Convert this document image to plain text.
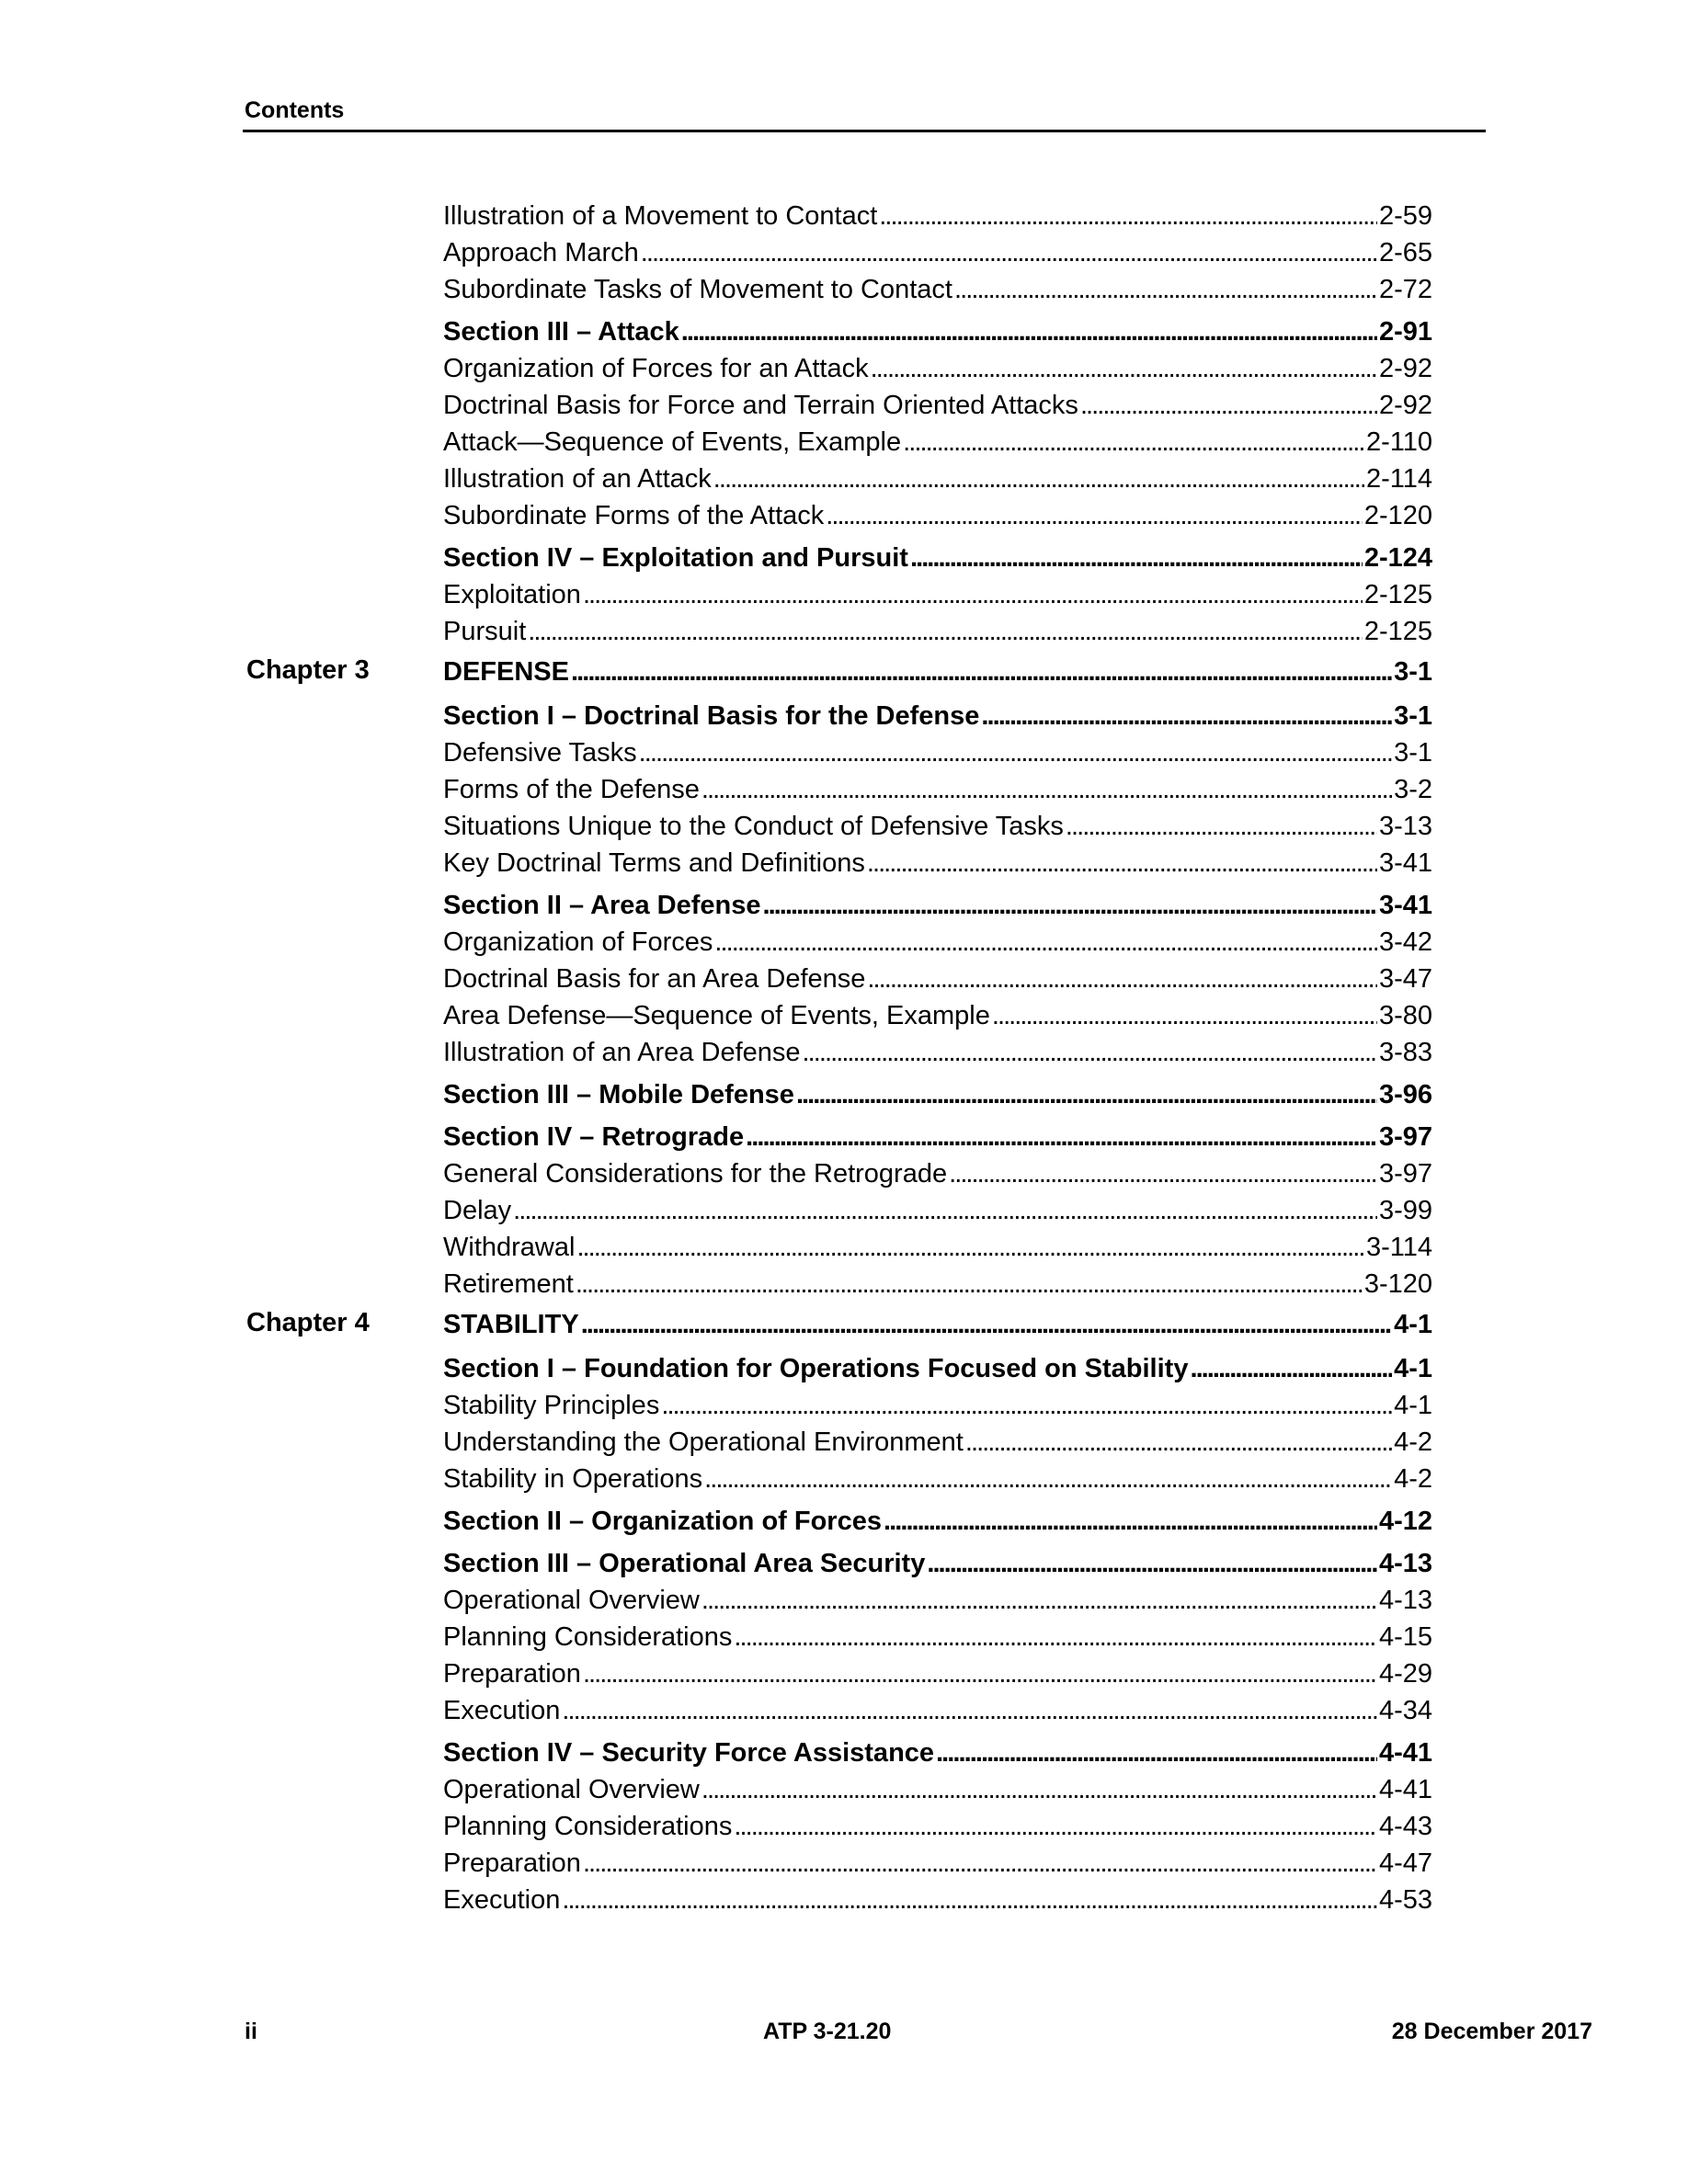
Contents
Illustration of a Movement to Contact . . .	2-59
Approach March . . .	2-65
Subordinate Tasks of Movement to Contact . . .	2-72
Section III – Attack . . .	2-91
Organization of Forces for an Attack . . .	2-92
Doctrinal Basis for Force and Terrain Oriented Attacks . . .	2-92
Attack—Sequence of Events, Example . . .	2-110
Illustration of an Attack . . .	2-114
Subordinate Forms of the Attack . . .	2-120
Section IV – Exploitation and Pursuit . . .	2-124
Exploitation . . .	2-125
Pursuit . . .	2-125
Chapter 3	DEFENSE . . .	3-1
Section I – Doctrinal Basis for the Defense . . .	3-1
Defensive Tasks . . .	3-1
Forms of the Defense . . .	3-2
Situations Unique to the Conduct of Defensive Tasks . . .	3-13
Key Doctrinal Terms and Definitions . . .	3-41
Section II – Area Defense . . .	3-41
Organization of Forces . . .	3-42
Doctrinal Basis for an Area Defense . . .	3-47
Area Defense—Sequence of Events, Example . . .	3-80
Illustration of an Area Defense . . .	3-83
Section III – Mobile Defense . . .	3-96
Section IV – Retrograde . . .	3-97
General Considerations for the Retrograde . . .	3-97
Delay . . .	3-99
Withdrawal . . .	3-114
Retirement . . .	3-120
Chapter 4	STABILITY . . .	4-1
Section I – Foundation for Operations Focused on Stability . . .	4-1
Stability Principles . . .	4-1
Understanding the Operational Environment . . .	4-2
Stability in Operations . . .	4-2
Section II – Organization of Forces . . .	4-12
Section III – Operational Area Security . . .	4-13
Operational Overview . . .	4-13
Planning Considerations . . .	4-15
Preparation . . .	4-29
Execution . . .	4-34
Section IV – Security Force Assistance . . .	4-41
Operational Overview . . .	4-41
Planning Considerations . . .	4-43
Preparation . . .	4-47
Execution . . .	4-53
ii	ATP 3-21.20	28 December 2017
